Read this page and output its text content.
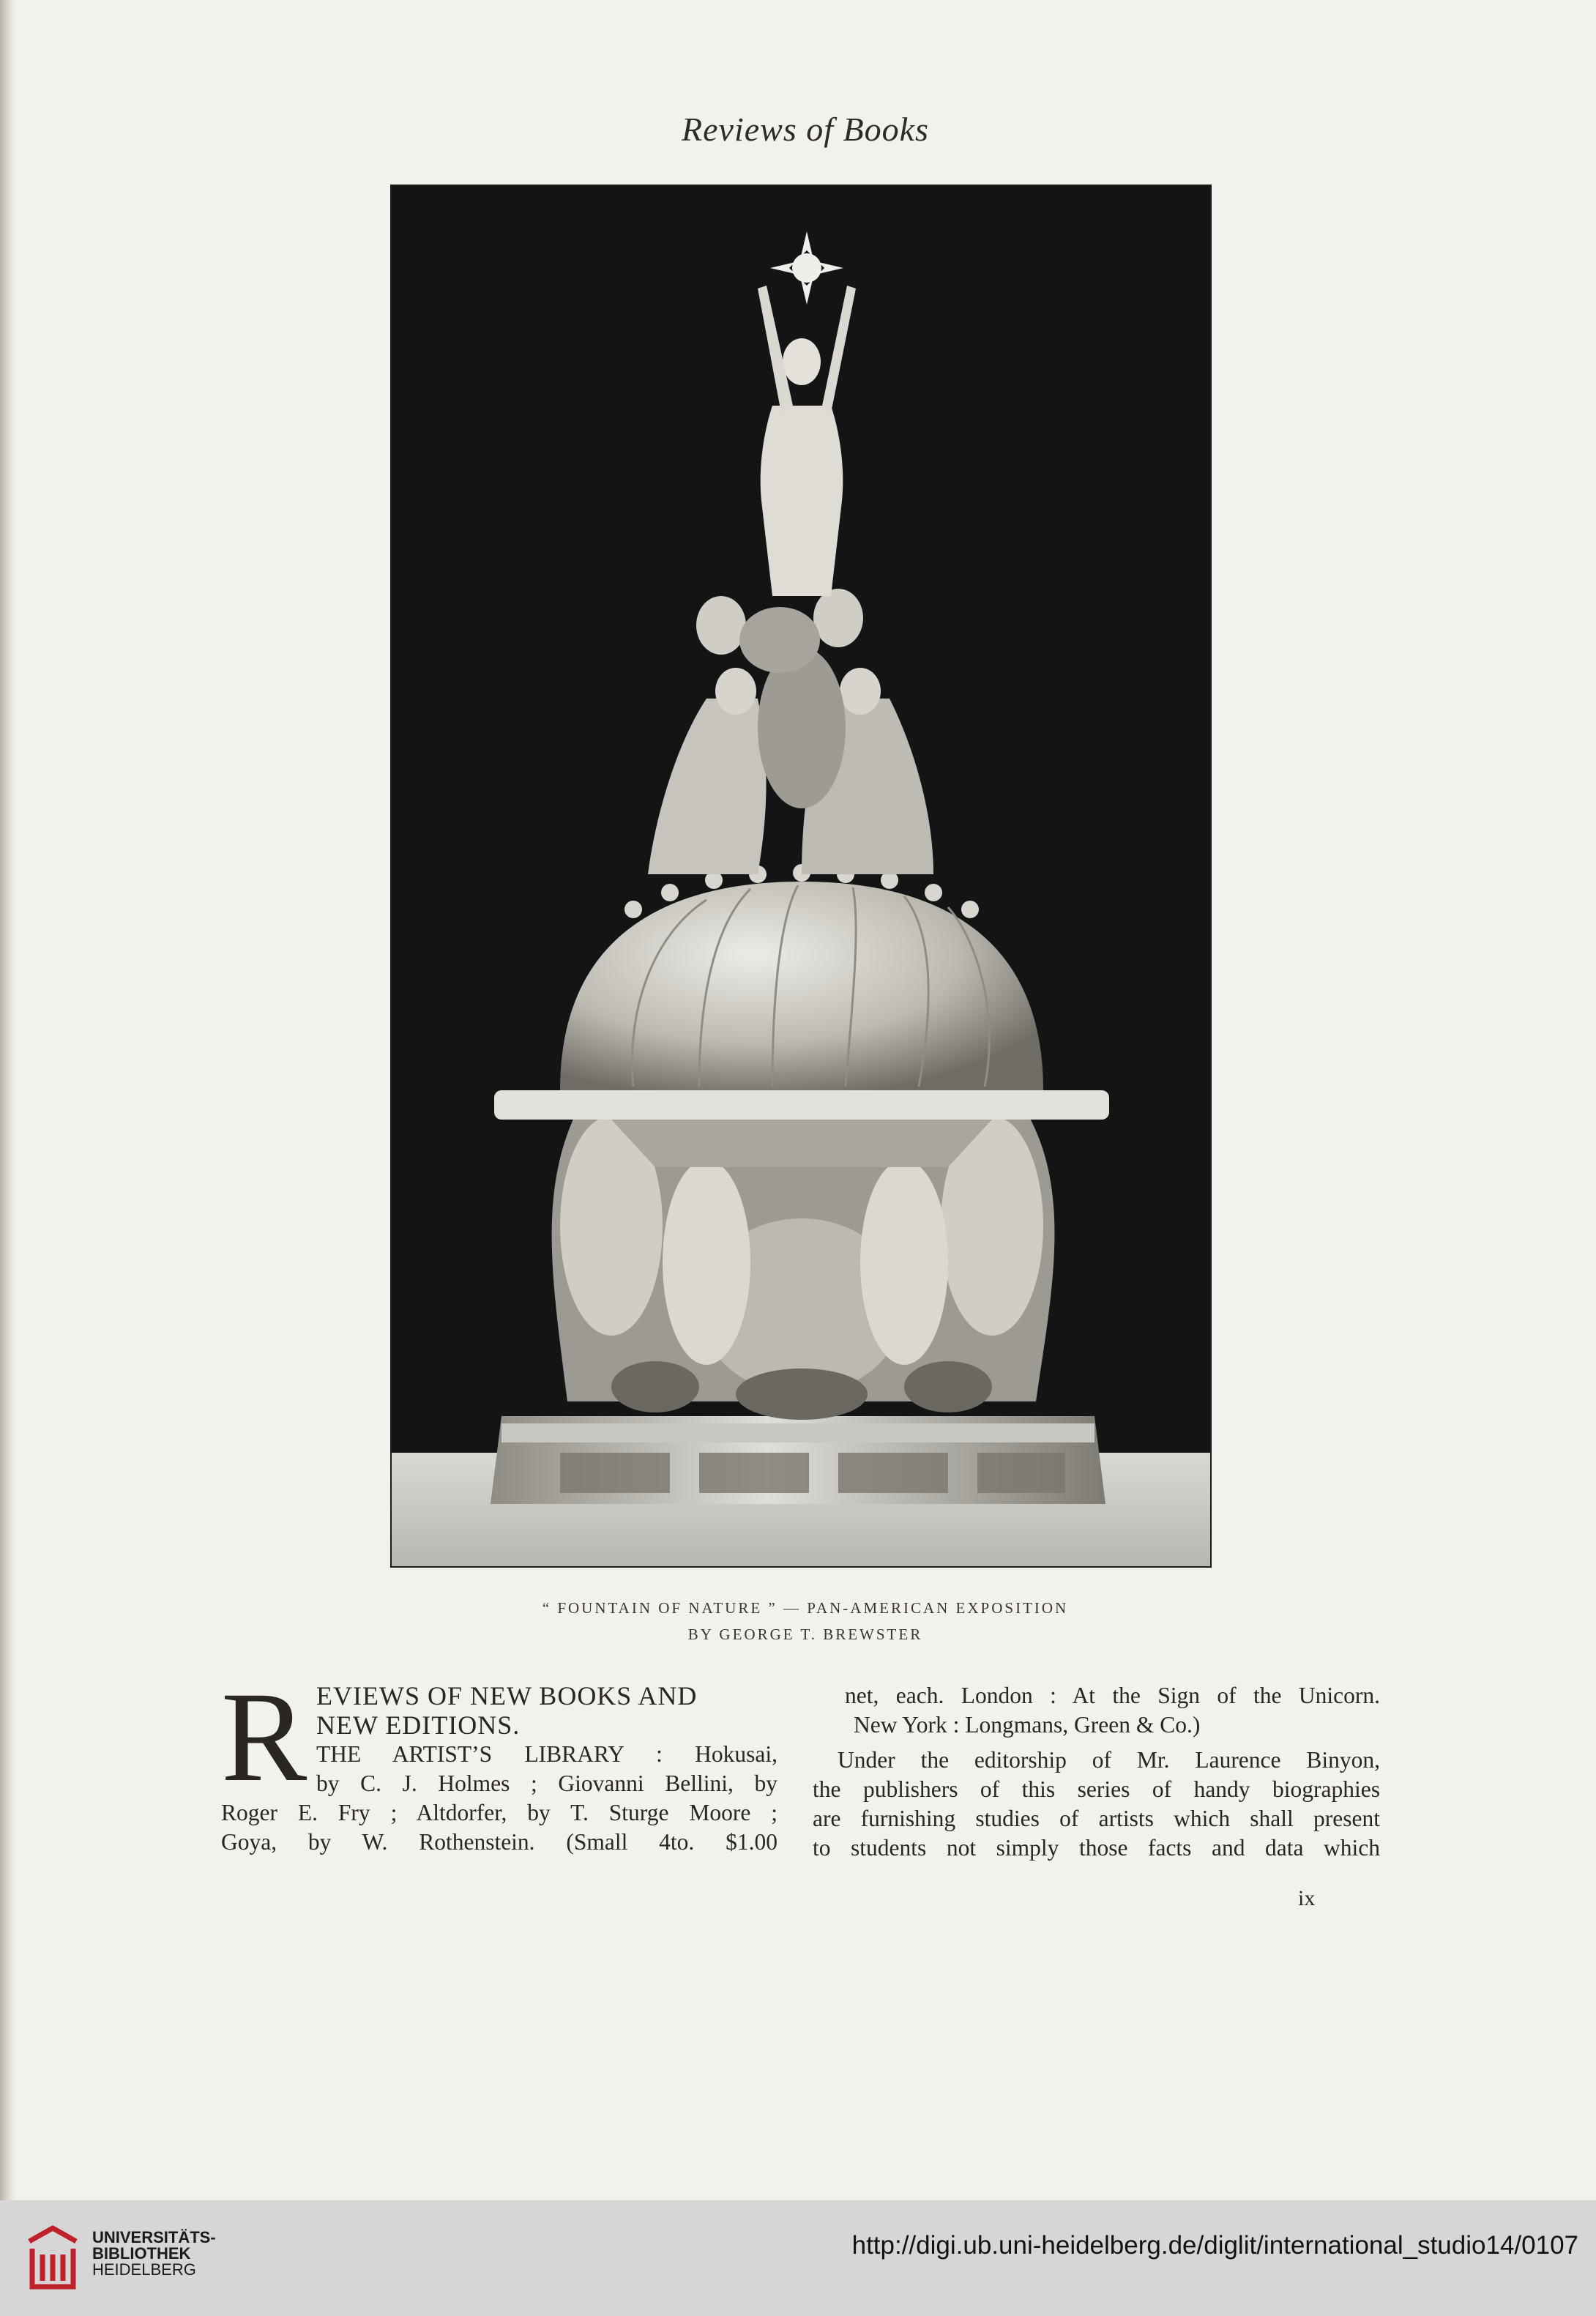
Reviews of Books
“ FOUNTAIN OF NATURE ” — PAN-AMERICAN EXPOSITION
BY GEORGE T. BREWSTER
R EVIEWS OF NEW BOOKS AND
NEW EDITIONS.

THE ARTIST’S LIBRARY : Hokusai,
by C. J. Holmes ; Giovanni Bellini, by

Roger E. Fry ; Altdorfer, by T. Sturge Moore ;
Goya, by W. Rothenstein. (Small 4to. $1.00

net, each. London : At the Sign of the Unicorn.
New York : Longmans, Green & Co.)

Under the editorship of Mr. Laurence Binyon,
the publishers of this series of handy biographies
are furnishing studies of artists which shall present
to students not simply those facts and data which

ix
UNIVERSITÄTS-
BIBLIOTHEK
HEIDELBERG
http://digi.ub.uni-heidelberg.de/diglit/international_studio14/0107
